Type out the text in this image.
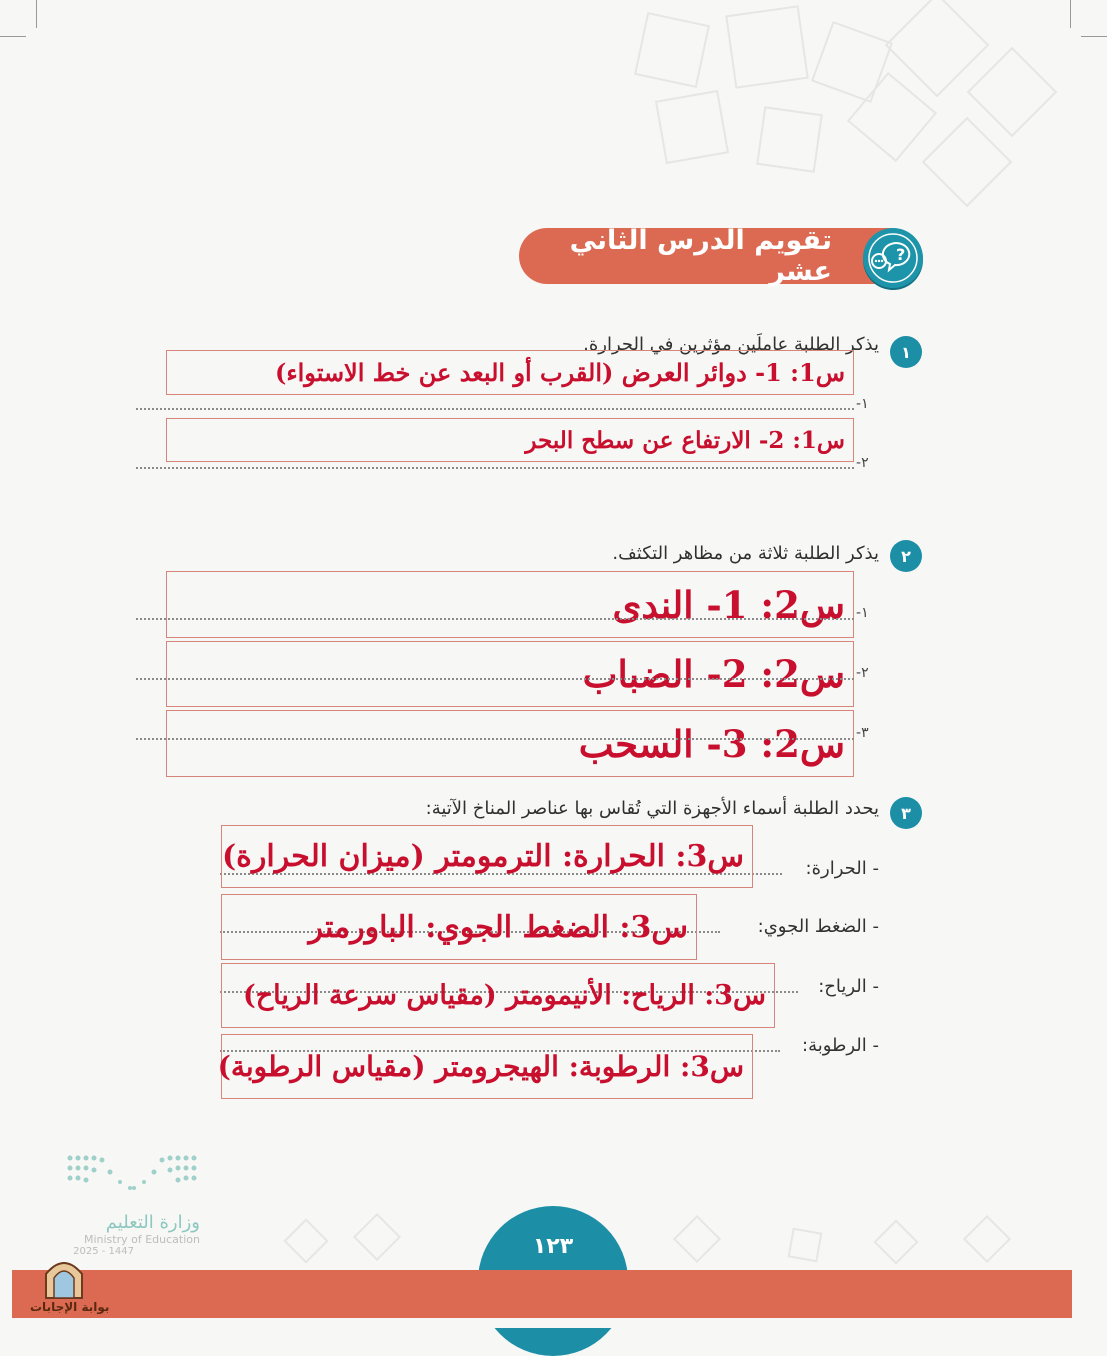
تقويم الدرس الثاني عشر
?
١
يذكر الطلبة عاملَين مؤثرين في الحرارة.
س1: 1- دوائر العرض (القرب أو البعد عن خط الاستواء)
-١
س1: 2- الارتفاع عن سطح البحر
-٢
٢
يذكر الطلبة ثلاثة من مظاهر التكثف.
س2: 1- الندى -١
س2: 2- الضباب -٢
س2: 3- السحب -٣
٣
يحدد الطلبة أسماء الأجهزة التي تُقاس بها عناصر المناخ الآتية:
- الحرارة:
س3: الحرارة: الترمومتر (ميزان الحرارة)
- الضغط الجوي:
س3: الضغط الجوي: الباورمتر
- الرياح:
س3: الرياح: الأنيمومتر (مقياس سرعة الرياح)
- الرطوبة:
س3: الرطوبة: الهيجرومتر (مقياس الرطوبة)
وزارة التعليم
Ministry of Education
2025 - 1447	١٢٣
بوابة الإجابات
